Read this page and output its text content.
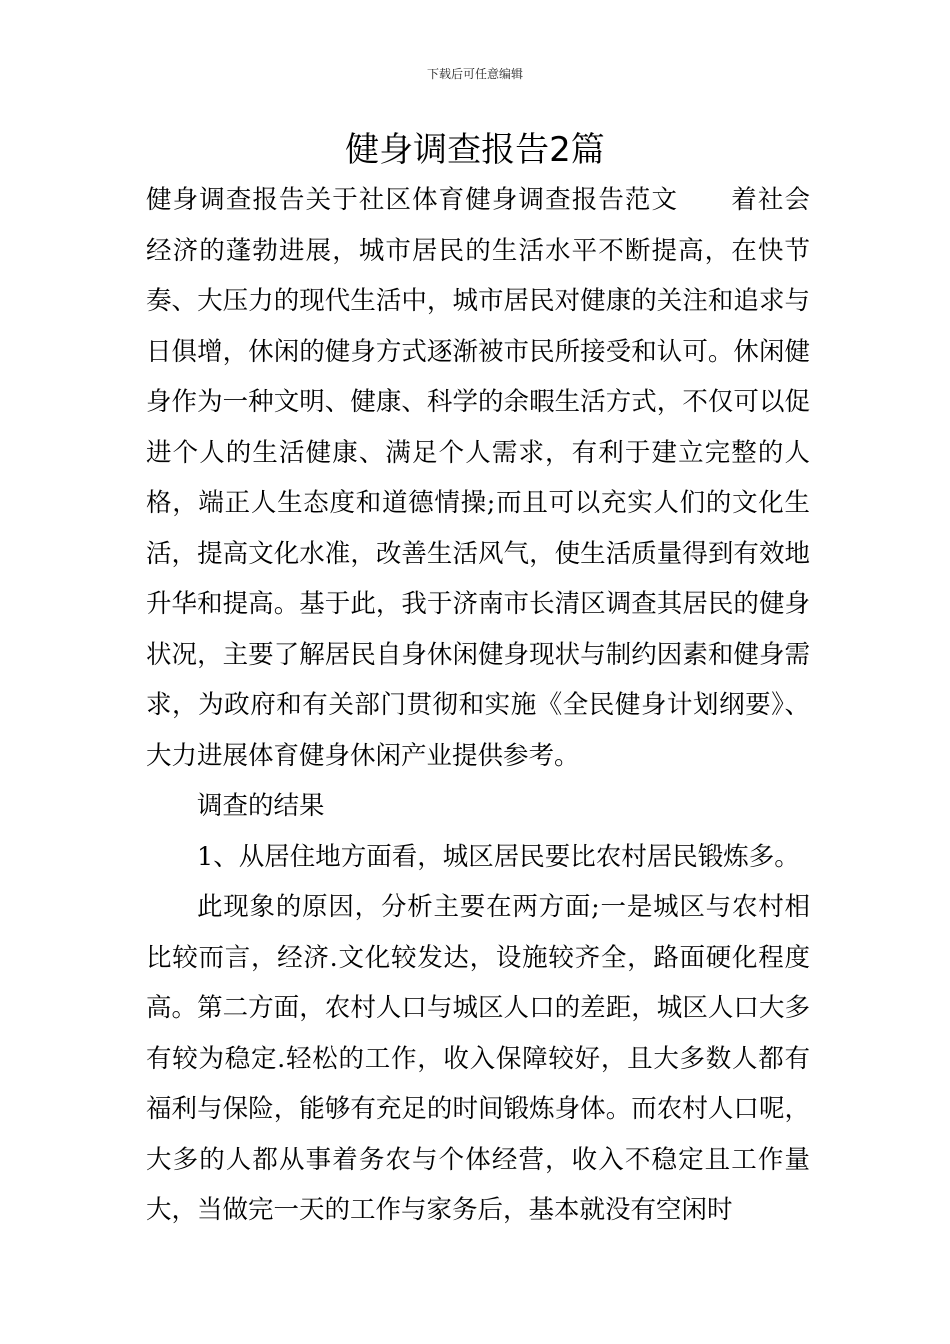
下载后可任意编辑
健身调查报告2篇

健身调查报告关于社区体育健身调查报告范文 着社会经济的蓬勃进展，城市居民的生活水平不断提高，在快节奏、大压力的现代生活中，城市居民对健康的关注和追求与日俱增，休闲的健身方式逐渐被市民所接受和认可。休闲健身作为一种文明、健康、科学的余暇生活方式，不仅可以促进个人的生活健康、满足个人需求，有利于建立完整的人格，端正人生态度和道德情操;而且可以充实人们的文化生活，提高文化水准，改善生活风气，使生活质量得到有效地升华和提高。基于此，我于济南市长清区调查其居民的健身状况，主要了解居民自身休闲健身现状与制约因素和健身需求，为政府和有关部门贯彻和实施《全民健身计划纲要》、大力进展体育健身休闲产业提供参考。

调查的结果

1、从居住地方面看，城区居民要比农村居民锻炼多。

此现象的原因，分析主要在两方面;一是城区与农村相比较而言，经济.文化较发达，设施较齐全，路面硬化程度高。第二方面，农村人口与城区人口的差距，城区人口大多有较为稳定.轻松的工作，收入保障较好，且大多数人都有福利与保险，能够有充足的时间锻炼身体。而农村人口呢，大多的人都从事着务农与个体经营，收入不稳定且工作量大，当做完一天的工作与家务后，基本就没有空闲时
